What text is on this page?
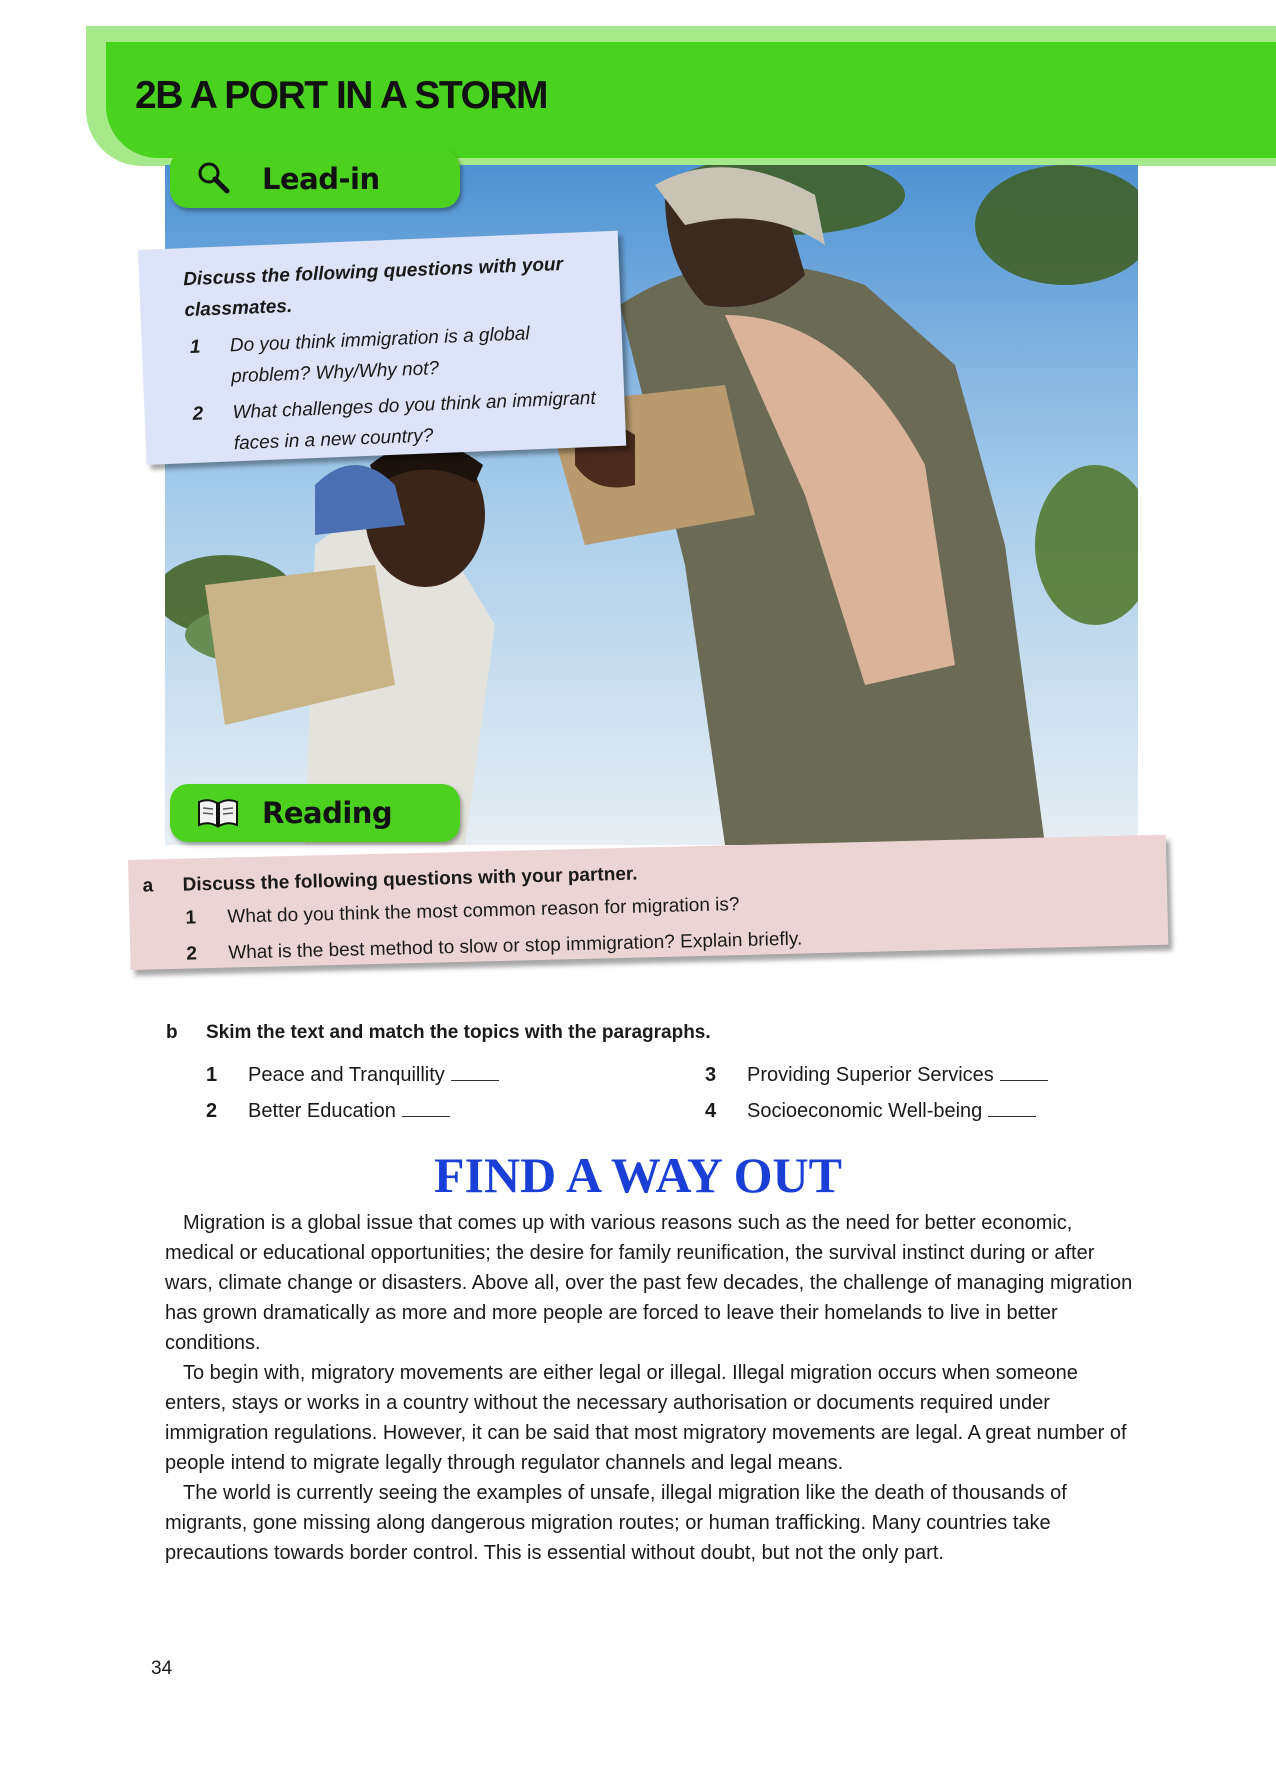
2B A PORT IN A STORM
Lead-in

Discuss the following questions with your classmates.

1 Do you think immigration is a global problem? Why/Why not?
2 What challenges do you think an immigrant faces in a new country?
Reading
a Discuss the following questions with your partner.
1 What do you think the most common reason for migration is?
2 What is the best method to slow or stop immigration? Explain briefly.
b Skim the text and match the topics with the paragraphs.
1 Peace and Tranquillity
2 Better Education
3 Providing Superior Services
4 Socioeconomic Well-being
FIND A WAY OUT

Migration is a global issue that comes up with various reasons such as the need for better economic, medical or educational opportunities; the desire for family reunification, the survival instinct during or after wars, climate change or disasters. Above all, over the past few decades, the challenge of managing migration has grown dramatically as more and more people are forced to leave their homelands to live in better conditions.

To begin with, migratory movements are either legal or illegal. Illegal migration occurs when someone enters, stays or works in a country without the necessary authorisation or documents required under immigration regulations. However, it can be said that most migratory movements are legal. A great number of people intend to migrate legally through regulator channels and legal means.

The world is currently seeing the examples of unsafe, illegal migration like the death of thousands of migrants, gone missing along dangerous migration routes; or human trafficking. Many countries take precautions towards border control. This is essential without doubt, but not the only part.

34
